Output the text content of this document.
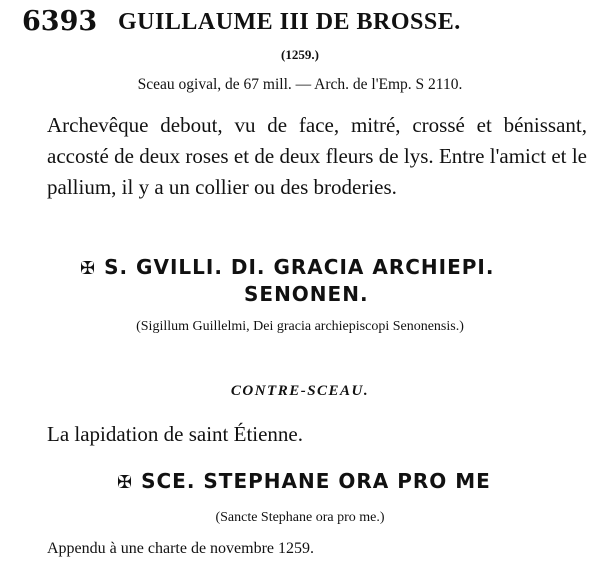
6393 GUILLAUME III DE BROSSE.
(1259.)
Sceau ogival, de 67 mill. — Arch. de l'Emp. S 2110.
Archevêque debout, vu de face, mitré, crossé et bénissant, accosté de deux roses et de deux fleurs de lys. Entre l'amict et le pallium, il y a un collier ou des broderies.
✠ S. GVILLI. DI. GRACIA ARCHIEPI.
SENONEN.
(Sigillum Guillelmi, Dei gracia archiepiscopi Senonensis.)
CONTRE-SCEAU.
La lapidation de saint Étienne.
✠ SCE. STEPHANE ORA PRO ME
(Sancte Stephane ora pro me.)
Appendu à une charte de novembre 1259.
